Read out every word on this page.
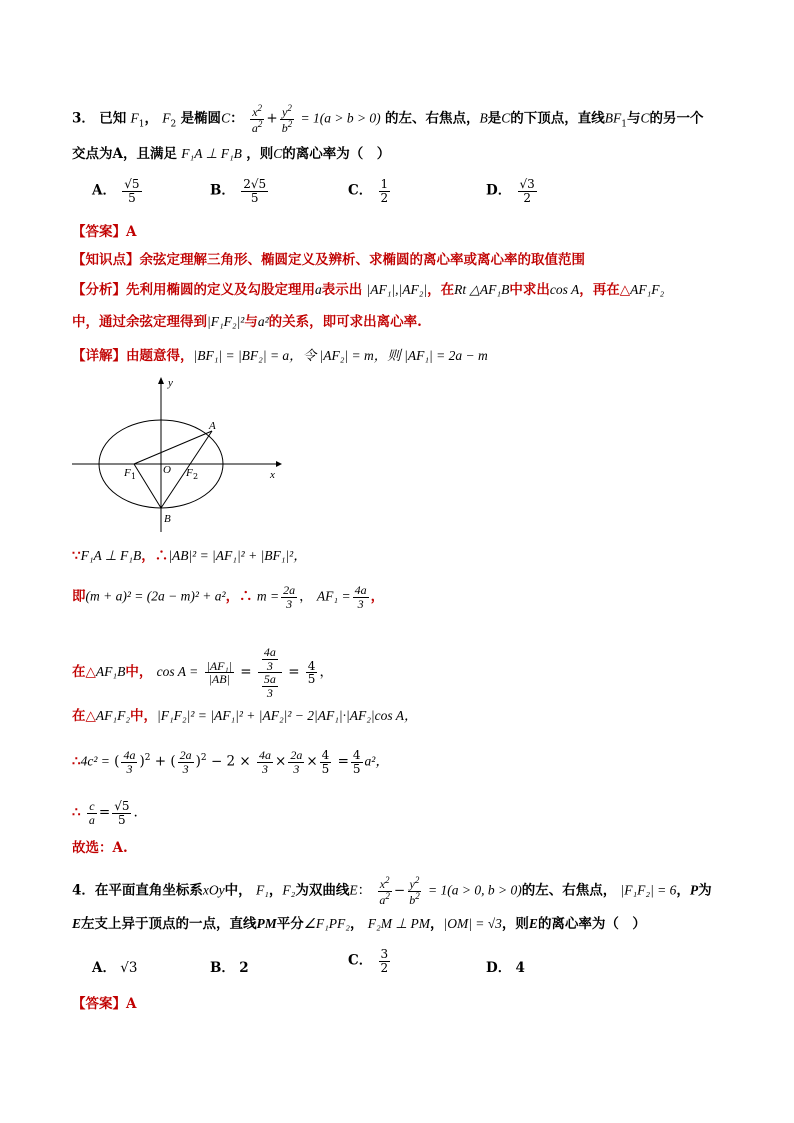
3． 已知 $F_1$， $F_2$ 是椭圆C： $\frac{x^2}{a^2} + \frac{y^2}{b^2} = 1(a > b > 0)$ 的左、右焦点，B是C的下顶点，直线$BF_1$与C的另一个
交点为A，且满足 F₁A ⊥ F₁B ，则C的离心率为（　）
A． $\frac{√5}{5}$	B． $\frac{2√5}{5}$	C． $\frac{1}{2}$	D． $\frac{√3}{2}$
【答案】A
【知识点】余弦定理解三角形、椭圆定义及辨析、求椭圆的离心率或离心率的取值范围
【分析】先利用椭圆的定义及勾股定理用a表示出 |AF₁|,|AF₂|，在Rt △AF₁B中求出cos A，再在△AF₁F₂
中，通过余弦定理得到|F₁F₂|²与a²的关系，即可求出离心率.
【详解】由题意得，|BF₁| = |BF₂| = a，令 |AF₂| = m，则 |AF₁| = 2a − m
y
x
A
F 1
O F 2
B
∵F₁A ⊥ F₁B，∴|AB|² = |AF₁|² + |BF₁|²，
即(m + a)² = (2a − m)² + a²，∴ $m = \frac{2a}{3}$ ， $AF_1 = \frac{4a}{3}$ ，
在△AF₁B中， $\cos A = \frac{\text{|AF₁|}}{|AB|} = \frac{\frac{4a}{3}}{\frac{5a}{3}} = \frac{4}{5}$ ，
在△AF₁F₂中，|F₁F₂|² = |AF₁|² + |AF₂|² − 2|AF₁|·|AF₂|cos A，
∴4c² = ( $\frac{4a}{3} )^2$ + ( $\frac{2a}{3} )^2 - 2 \times \frac{4a}{3} \times \frac{2a}{3} \times \frac{4}{5} = \frac{4}{5} a^2$，
∴ $\frac{c}{a} = \frac{√5}{5}$ .
故选：A.
4．在平面直角坐标系xOy中， F₁，F₂为双曲线E： $\frac{x^2}{a^2} - \frac{y^2}{b^2} = 1(a > 0$, b > 0)的左、右焦点， |F₁F₂| = 6，P为
E左支上异于顶点的一点，直线PM平分∠F₁PF₂， F₂M ⊥ PM，|OM| = √3，则E的离心率为（　）
A． √3	B． 2	C． $\frac{3}{2}$	D． 4
【答案】A
